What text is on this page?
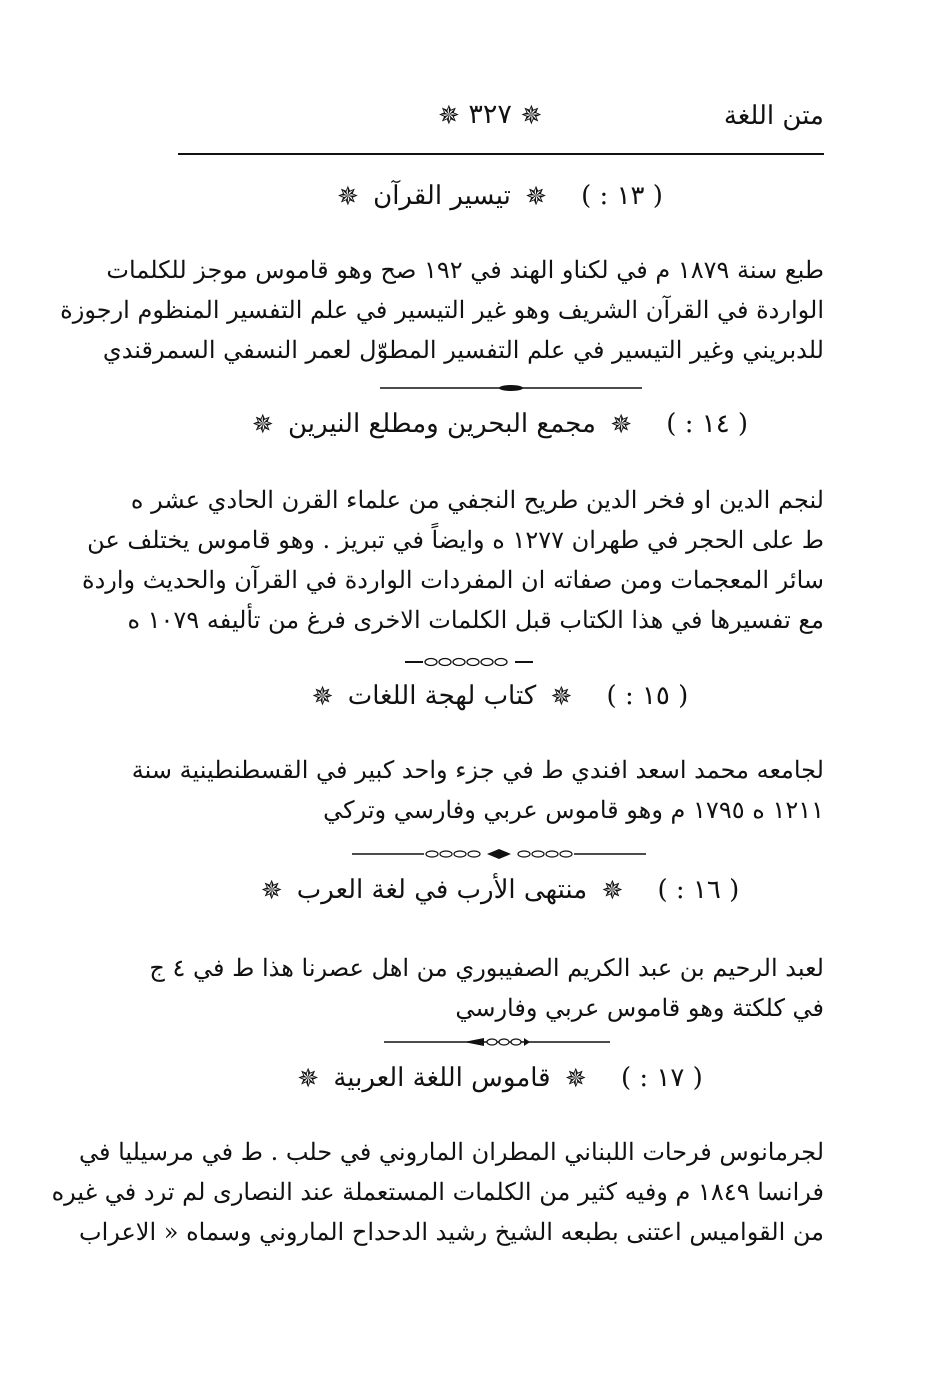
متن اللغة
✵ ٣٢٧ ✵
( ١٣ : ) ✵ تيسير القرآن ✵
طبع سنة ١٨٧٩ م في لكناو الهند في ١٩٢ صح وهو قاموس موجز للكلمات
الواردة في القرآن الشريف وهو غير التيسير في علم التفسير المنظوم ارجوزة
للدبريني وغير التيسير في علم التفسير المطوّل لعمر النسفي السمرقندي
( ١٤ : ) ✵ مجمع البحرين ومطلع النيرين ✵
لنجم الدين او فخر الدين طريح النجفي من علماء القرن الحادي عشر ه
ط على الحجر في طهران ١٢٧٧ ه وايضاً في تبريز . وهو قاموس يختلف عن
سائر المعجمات ومن صفاته ان المفردات الواردة في القرآن والحديث واردة
مع تفسيرها في هذا الكتاب قبل الكلمات الاخرى فرغ من تأليفه ١٠٧٩ ه
( ١٥ : ) ✵ كتاب لهجة اللغات ✵
لجامعه محمد اسعد افندي ط في جزء واحد كبير في القسطنطينية سنة
١٢١١ ه ١٧٩٥ م وهو قاموس عربي وفارسي وتركي
( ١٦ : ) ✵ منتهى الأرب في لغة العرب ✵
لعبد الرحيم بن عبد الكريم الصفيبوري من اهل عصرنا هذا ط في ٤ ج
في كلكتة وهو قاموس عربي وفارسي
( ١٧ : ) ✵ قاموس اللغة العربية ✵
لجرمانوس فرحات اللبناني المطران الماروني في حلب . ط في مرسيليا في
فرانسا ١٨٤٩ م وفيه كثير من الكلمات المستعملة عند النصارى لم ترد في غيره
من القواميس اعتنى بطبعه الشيخ رشيد الدحداح الماروني وسماه « الاعراب
